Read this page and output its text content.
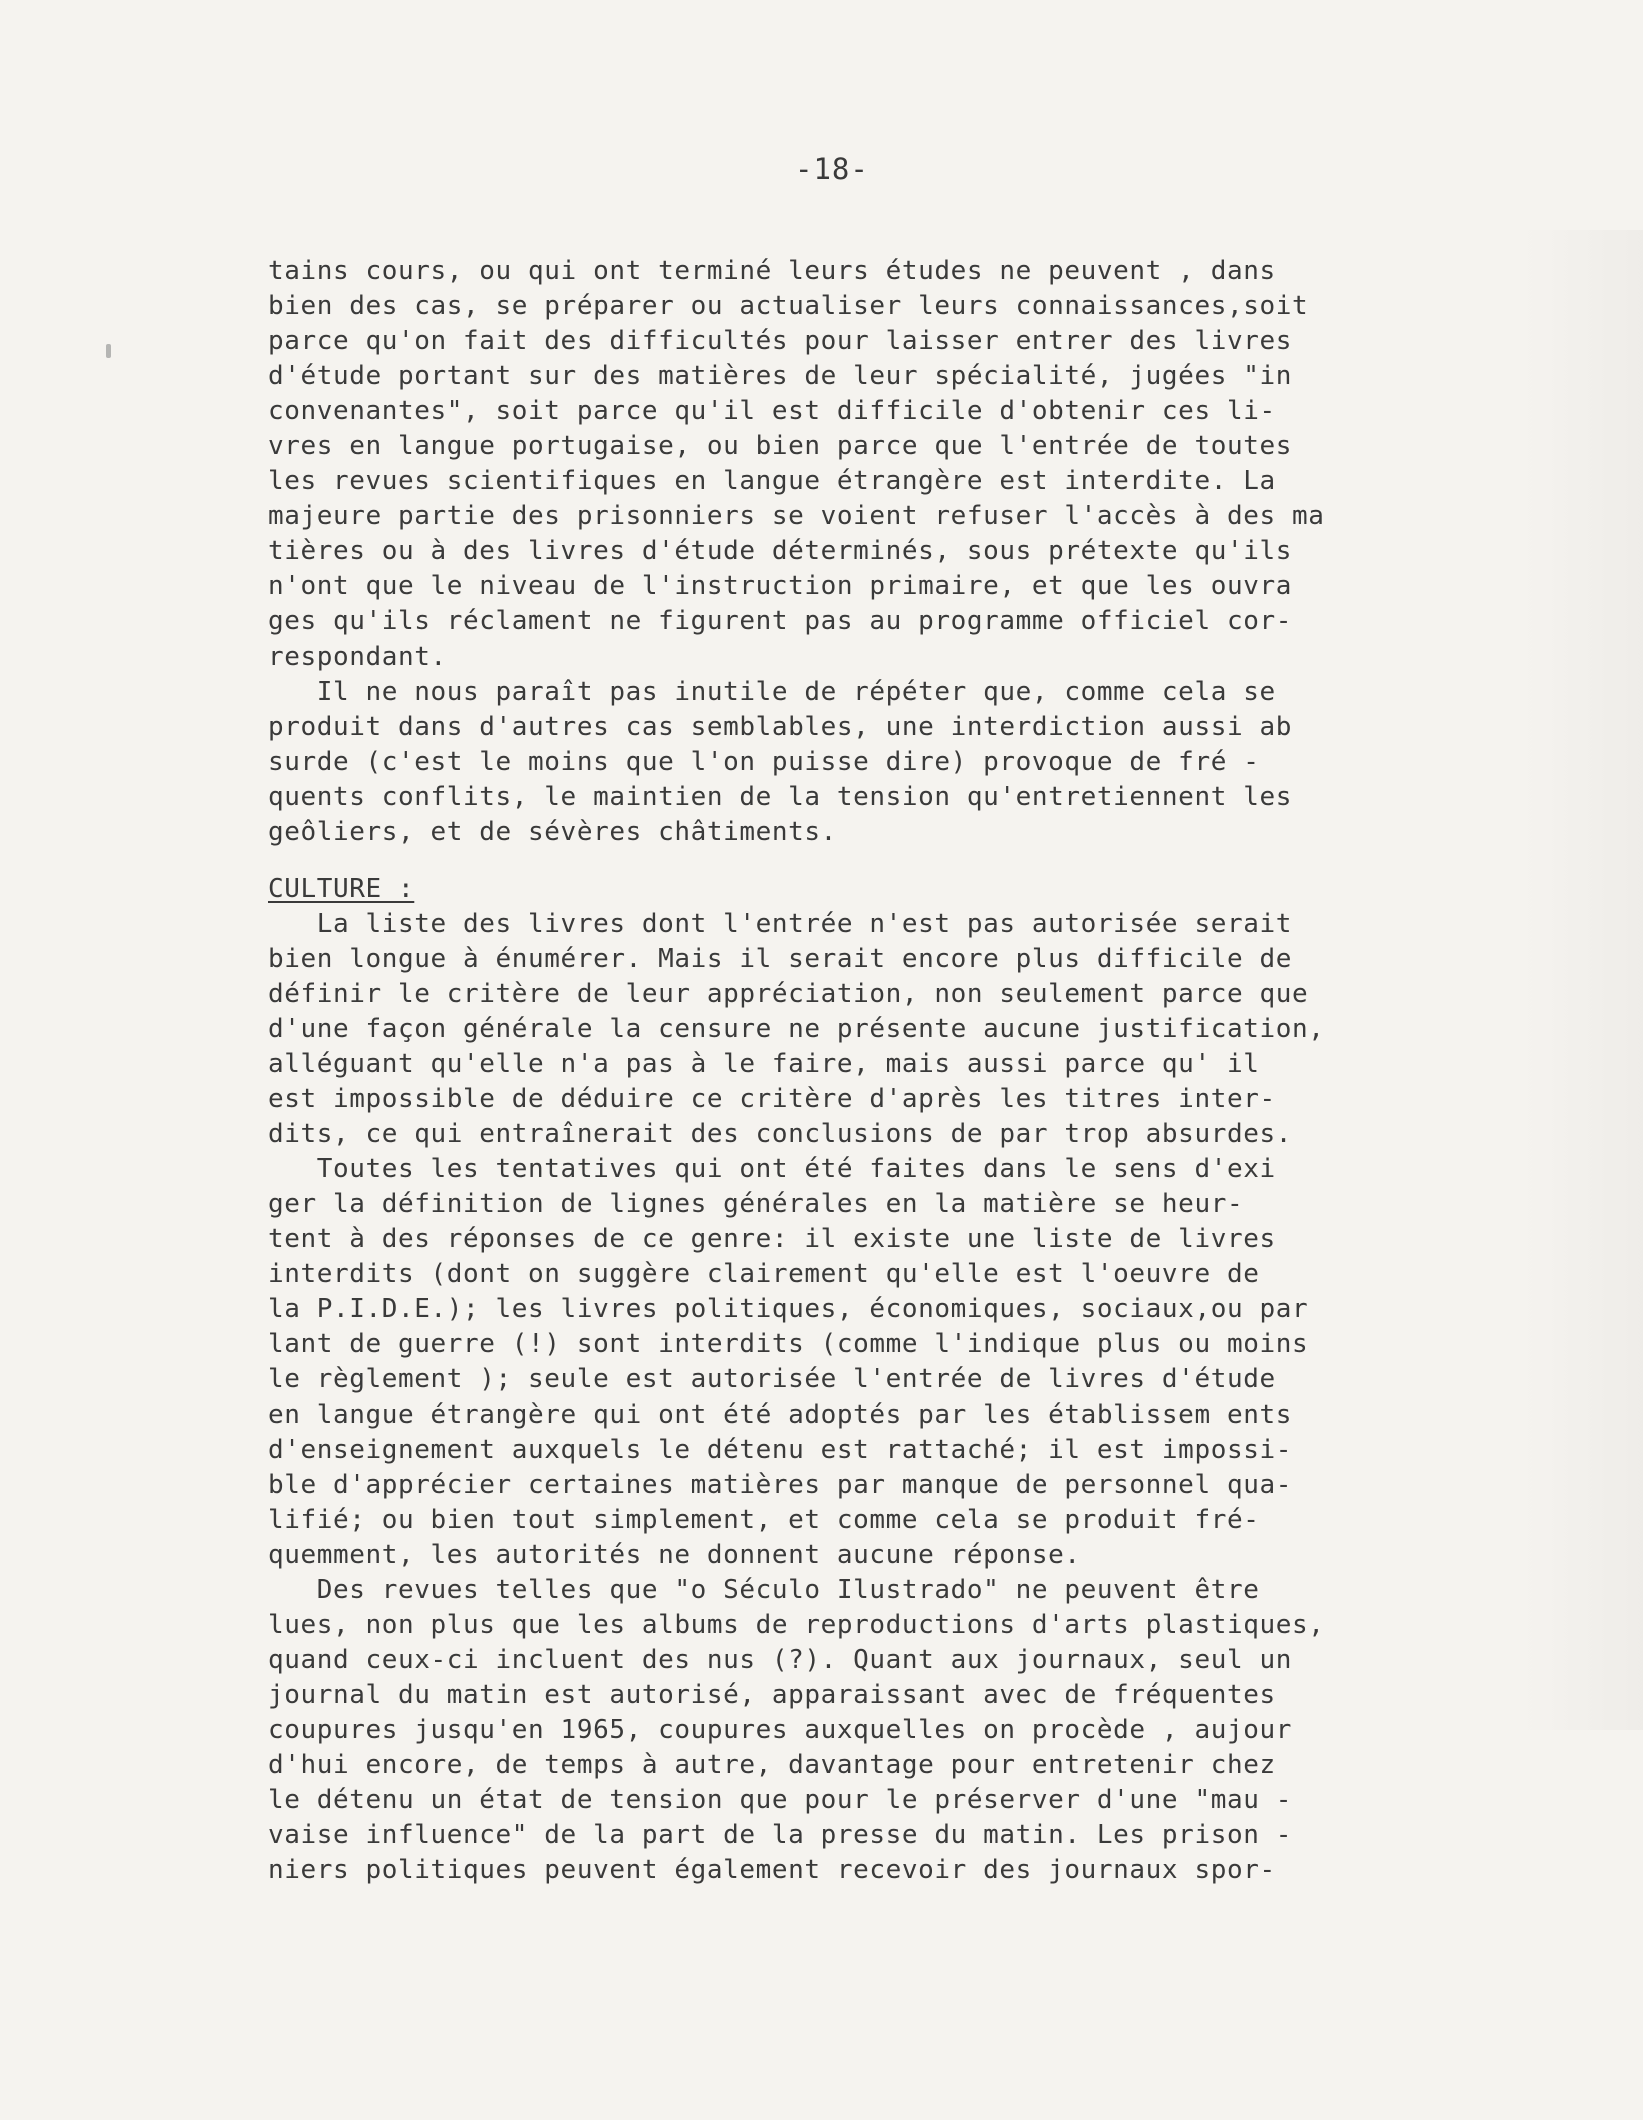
-18-
tains cours, ou qui ont terminé leurs études ne peuvent , dans
bien des cas, se préparer ou actualiser leurs connaissances,soit
parce qu'on fait des difficultés pour laisser entrer des livres
d'étude portant sur des matières de leur spécialité, jugées "in
convenantes", soit parce qu'il est difficile d'obtenir ces li-
vres en langue portugaise, ou bien parce que l'entrée de toutes
les revues scientifiques en langue étrangère est interdite. La
majeure partie des prisonniers se voient refuser l'accès à des ma
tières ou à des livres d'étude déterminés, sous prétexte qu'ils
n'ont que le niveau de l'instruction primaire, et que les ouvra
ges qu'ils réclament ne figurent pas au programme officiel cor-
respondant.
Il ne nous paraît pas inutile de répéter que, comme cela se
produit dans d'autres cas semblables, une interdiction aussi ab
surde (c'est le moins que l'on puisse dire) provoque de fré -
quents conflits, le maintien de la tension qu'entretiennent les
geôliers, et de sévères châtiments.
CULTURE :
La liste des livres dont l'entrée n'est pas autorisée serait
bien longue à énumérer. Mais il serait encore plus difficile de
définir le critère de leur appréciation, non seulement parce que
d'une façon générale la censure ne présente aucune justification,
alléguant qu'elle n'a pas à le faire, mais aussi parce qu' il
est impossible de déduire ce critère d'après les titres inter-
dits, ce qui entraînerait des conclusions de par trop absurdes.
Toutes les tentatives qui ont été faites dans le sens d'exi
ger la définition de lignes générales en la matière se heur-
tent à des réponses de ce genre: il existe une liste de livres
interdits (dont on suggère clairement qu'elle est l'oeuvre de
la P.I.D.E.); les livres politiques, économiques, sociaux,ou par
lant de guerre (!) sont interdits (comme l'indique plus ou moins
le règlement ); seule est autorisée l'entrée de livres d'étude
en langue étrangère qui ont été adoptés par les établissem ents
d'enseignement auxquels le détenu est rattaché; il est impossi-
ble d'apprécier certaines matières par manque de personnel qua-
lifié; ou bien tout simplement, et comme cela se produit fré-
quemment, les autorités ne donnent aucune réponse.
Des revues telles que "o Século Ilustrado" ne peuvent être
lues, non plus que les albums de reproductions d'arts plastiques,
quand ceux-ci incluent des nus (?). Quant aux journaux, seul un
journal du matin est autorisé, apparaissant avec de fréquentes
coupures jusqu'en 1965, coupures auxquelles on procède , aujour
d'hui encore, de temps à autre, davantage pour entretenir chez
le détenu un état de tension que pour le préserver d'une "mau -
vaise influence" de la part de la presse du matin. Les prison -
niers politiques peuvent également recevoir des journaux spor-
